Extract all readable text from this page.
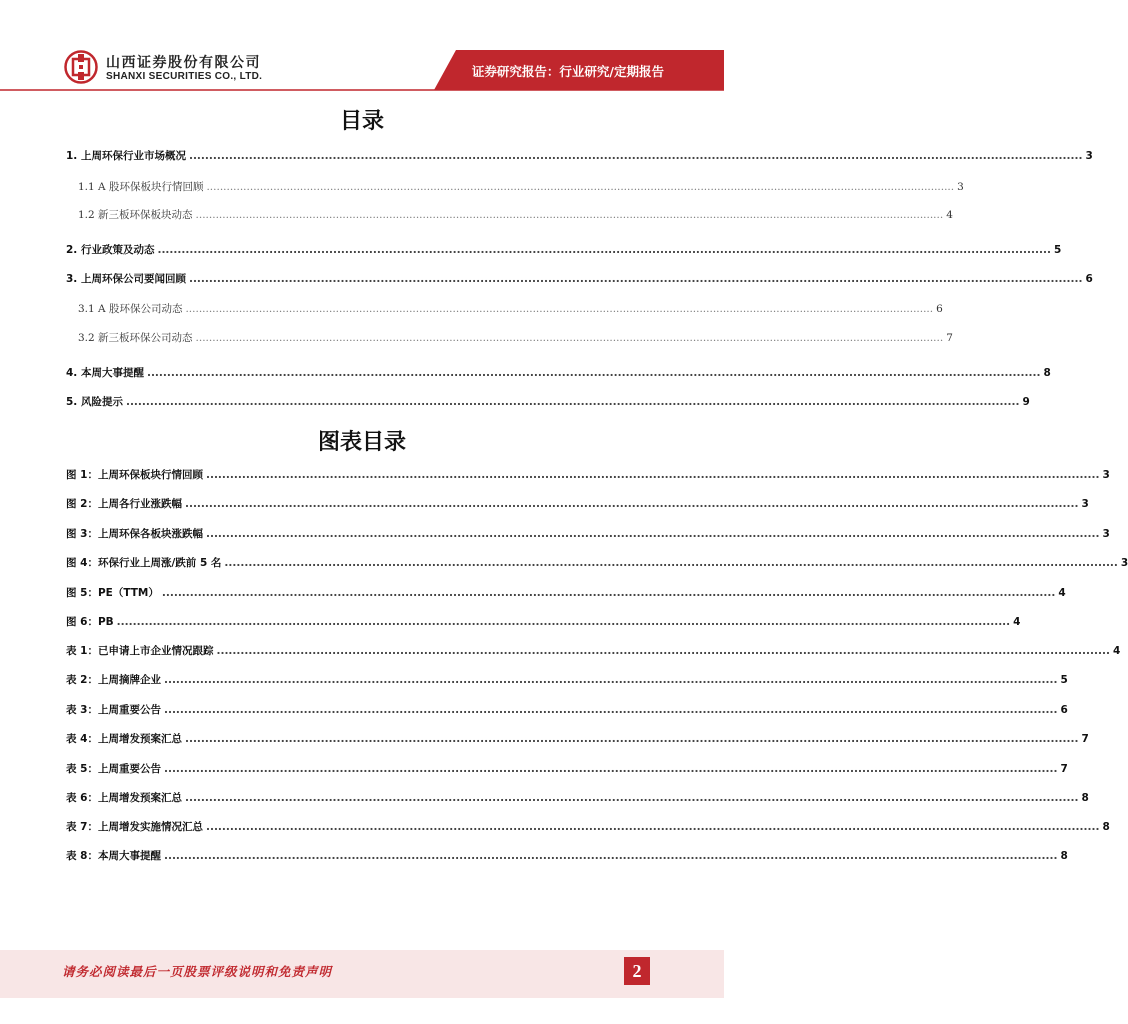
山西证券股份有限公司
SHANXI SECURITIES CO., LTD.	证券研究报告：行业研究/定期报告
目录
1. 上周环保行业市场概况 ................................................................................................................................................................................................................................ 3
1.1 A 股环保板块行情回顾 ................................................................................................................................................................................................................................ 3
1.2 新三板环保板块动态 ................................................................................................................................................................................................................................ 4
2. 行业政策及动态 ................................................................................................................................................................................................................................ 5
3. 上周环保公司要闻回顾 ................................................................................................................................................................................................................................ 6
3.1 A 股环保公司动态 ................................................................................................................................................................................................................................ 6
3.2 新三板环保公司动态 ................................................................................................................................................................................................................................ 7
4. 本周大事提醒 ................................................................................................................................................................................................................................ 8
5. 风险提示 ................................................................................................................................................................................................................................ 9
图表目录
图 1：上周环保板块行情回顾 ................................................................................................................................................................................................................................ 3
图 2：上周各行业涨跌幅 ................................................................................................................................................................................................................................ 3
图 3：上周环保各板块涨跌幅 ................................................................................................................................................................................................................................ 3
图 4：环保行业上周涨/跌前 5 名 ................................................................................................................................................................................................................................ 3
图 5：PE（TTM） ................................................................................................................................................................................................................................ 4
图 6：PB ................................................................................................................................................................................................................................ 4
表 1：已申请上市企业情况跟踪 ................................................................................................................................................................................................................................ 4
表 2：上周摘牌企业 ................................................................................................................................................................................................................................ 5
表 3：上周重要公告 ................................................................................................................................................................................................................................ 6
表 4：上周增发预案汇总 ................................................................................................................................................................................................................................ 7
表 5：上周重要公告 ................................................................................................................................................................................................................................ 7
表 6：上周增发预案汇总 ................................................................................................................................................................................................................................ 8
表 7：上周增发实施情况汇总 ................................................................................................................................................................................................................................ 8
表 8：本周大事提醒 ................................................................................................................................................................................................................................ 8
请务必阅读最后一页股票评级说明和免责声明	2
